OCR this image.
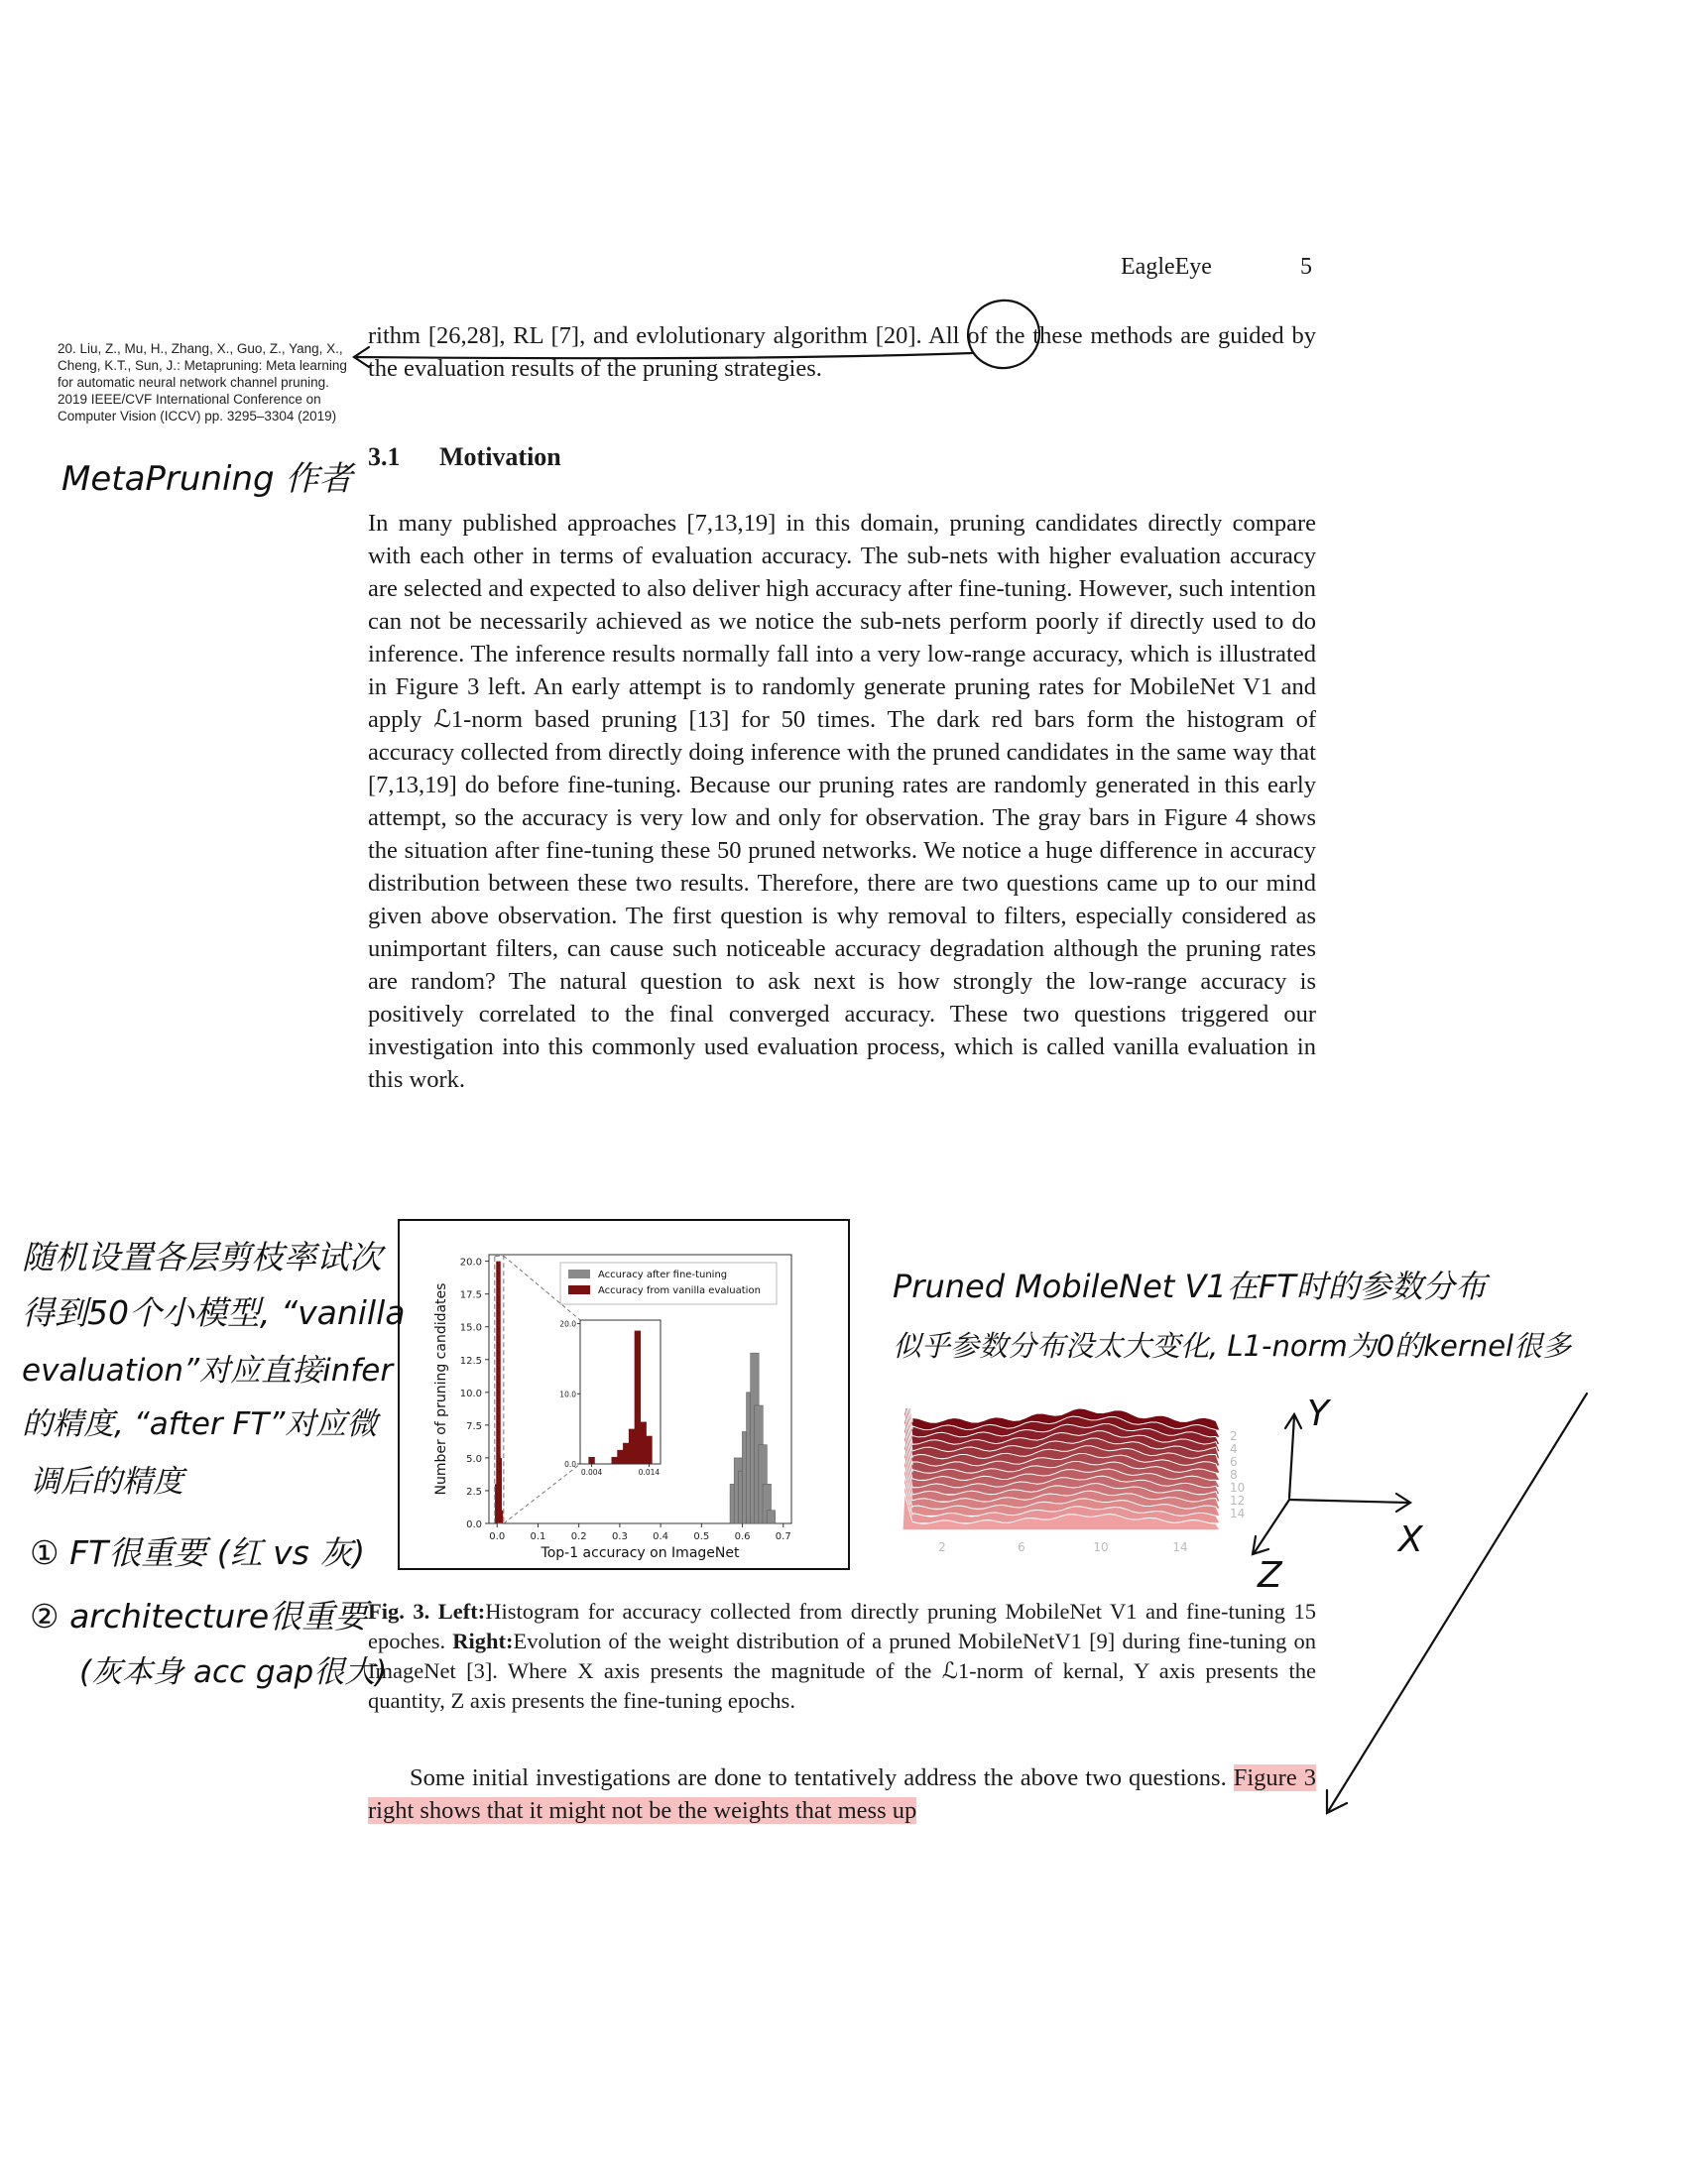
EagleEye	5
20. Liu, Z., Mu, H., Zhang, X., Guo, Z., Yang, X., Cheng, K.T., Sun, J.: Metapruning: Meta learning for automatic neural network channel pruning. 2019 IEEE/CVF International Conference on Computer Vision (ICCV) pp. 3295–3304 (2019)

rithm [26,28], RL [7], and evlolutionary algorithm [20]. All of the these methods are guided by the evaluation results of the pruning strategies.

3.1 Motivation

In many published approaches [7,13,19] in this domain, pruning candidates directly compare with each other in terms of evaluation accuracy. The sub-nets with higher evaluation accuracy are selected and expected to also deliver high accuracy after fine-tuning. However, such intention can not be necessarily achieved as we notice the sub-nets perform poorly if directly used to do inference. The inference results normally fall into a very low-range accuracy, which is illustrated in Figure 3 left. An early attempt is to randomly generate pruning rates for MobileNet V1 and apply ℒ1-norm based pruning [13] for 50 times. The dark red bars form the histogram of accuracy collected from directly doing inference with the pruned candidates in the same way that [7,13,19] do before fine-tuning. Because our pruning rates are randomly generated in this early attempt, so the accuracy is very low and only for observation. The gray bars in Figure 4 shows the situation after fine-tuning these 50 pruned networks. We notice a huge difference in accuracy distribution between these two results. Therefore, there are two questions came up to our mind given above observation. The first question is why removal to filters, especially considered as unimportant filters, can cause such noticeable accuracy degradation although the pruning rates are random? The natural question to ask next is how strongly the low-range accuracy is positively correlated to the final converged accuracy. These two questions triggered our investigation into this commonly used evaluation process, which is called vanilla evaluation in this work.

0.0
2.5
5.0
7.5
10.0
12.5
15.0
17.5
20.0
0.0	0.1	0.2	0.3	0.4	0.5	0.6	0.7
Top-1 accuracy on ImageNet
Number of pruning candidates
Accuracy after fine-tuning
Accuracy from vanilla evaluation
0.0
10.0
20.0
0.004	0.014
2
4
6
8
10
12
14
2	6	10	14
Fig. 3. Left:Histogram for accuracy collected from directly pruning MobileNet V1 and fine-tuning 15 epoches. Right:Evolution of the weight distribution of a pruned MobileNetV1 [9] during fine-tuning on ImageNet [3]. Where X axis presents the magnitude of the ℒ1-norm of kernal, Y axis presents the quantity, Z axis presents the fine-tuning epochs.

Some initial investigations are done to tentatively address the above two questions. Figure 3 right shows that it might not be the weights that mess up

MetaPruning 作者
随机设置各层剪枝率试次
得到50个小模型, “vanilla
evaluation”对应直接infer
的精度, “after FT”对应微
调后的精度
① FT很重要 (红 vs 灰)
② architecture很重要
(灰本身 acc gap很大)
Pruned MobileNet V1在FT时的参数分布
似乎参数分布没太大变化, L1-norm为0的kernel很多
Y
X
Z
